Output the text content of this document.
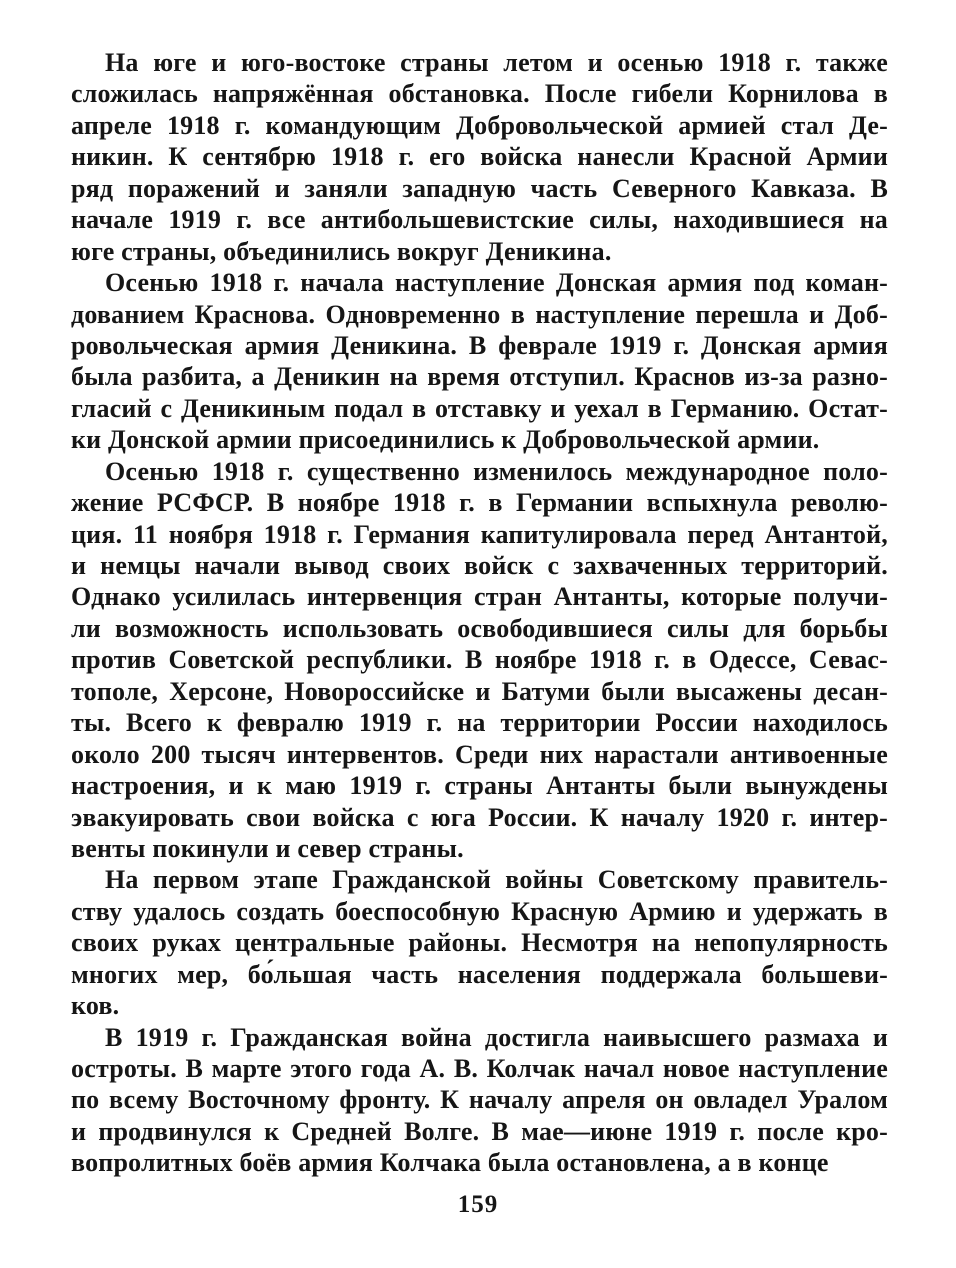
На юге и юго-востоке страны летом и осенью 1918 г. также
сложилась напряжённая обстановка. После гибели Корнилова в
апреле 1918 г. командующим Добровольческой армией стал Де-
никин. К сентябрю 1918 г. его войска нанесли Красной Армии
ряд поражений и заняли западную часть Северного Кавказа. В
начале 1919 г. все антибольшевистские силы, находившиеся на
юге страны, объединились вокруг Деникина.
Осенью 1918 г. начала наступление Донская армия под коман-
дованием Краснова. Одновременно в наступление перешла и Доб-
ровольческая армия Деникина. В феврале 1919 г. Донская армия
была разбита, а Деникин на время отступил. Краснов из-за разно-
гласий с Деникиным подал в отставку и уехал в Германию. Остат-
ки Донской армии присоединились к Добровольческой армии.
Осенью 1918 г. существенно изменилось международное поло-
жение РСФСР. В ноябре 1918 г. в Германии вспыхнула револю-
ция. 11 ноября 1918 г. Германия капитулировала перед Антантой,
и немцы начали вывод своих войск с захваченных территорий.
Однако усилилась интервенция стран Антанты, которые получи-
ли возможность использовать освободившиеся силы для борьбы
против Советской республики. В ноябре 1918 г. в Одессе, Севас-
тополе, Херсоне, Новороссийске и Батуми были высажены десан-
ты. Всего к февралю 1919 г. на территории России находилось
около 200 тысяч интервентов. Среди них нарастали антивоенные
настроения, и к маю 1919 г. страны Антанты были вынуждены
эвакуировать свои войска с юга России. К началу 1920 г. интер-
венты покинули и север страны.
На первом этапе Гражданской войны Советскому правитель-
ству удалось создать боеспособную Красную Армию и удержать в
своих руках центральные районы. Несмотря на непопулярность
многих мер, бо́льшая часть населения поддержала большеви-
ков.
В 1919 г. Гражданская война достигла наивысшего размаха и
остроты. В марте этого года А. В. Колчак начал новое наступление
по всему Восточному фронту. К началу апреля он овладел Уралом
и продвинулся к Средней Волге. В мае—июне 1919 г. после кро-
вопролитных боёв армия Колчака была остановлена, а в конце
159
